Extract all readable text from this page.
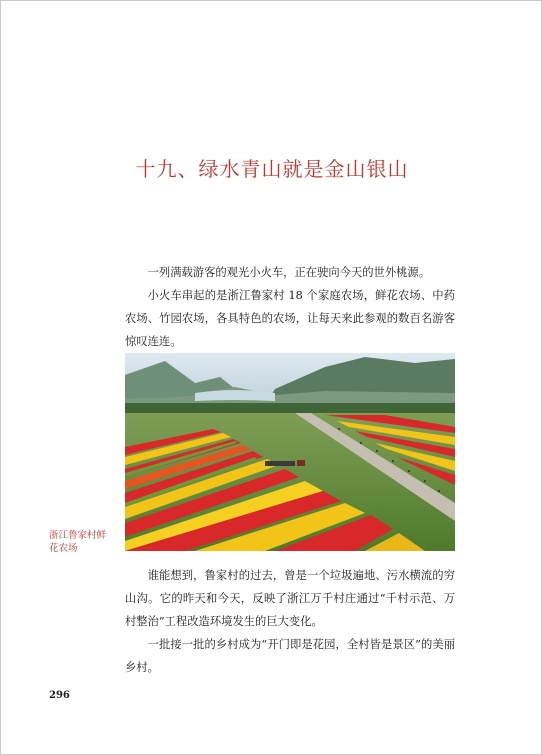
十九、绿水青山就是金山银山

一列满载游客的观光小火车，正在驶向今天的世外桃源。

小火车串起的是浙江鲁家村 18 个家庭农场，鲜花农场、中药农场、竹园农场，各具特色的农场，让每天来此参观的数百名游客惊叹连连。

浙江鲁家村鲜花农场

谁能想到，鲁家村的过去，曾是一个垃圾遍地、污水横流的穷山沟。它的昨天和今天，反映了浙江万千村庄通过“千村示范、万村整治”工程改造环境发生的巨大变化。

一批接一批的乡村成为“开门即是花园，全村皆是景区”的美丽乡村。

296
